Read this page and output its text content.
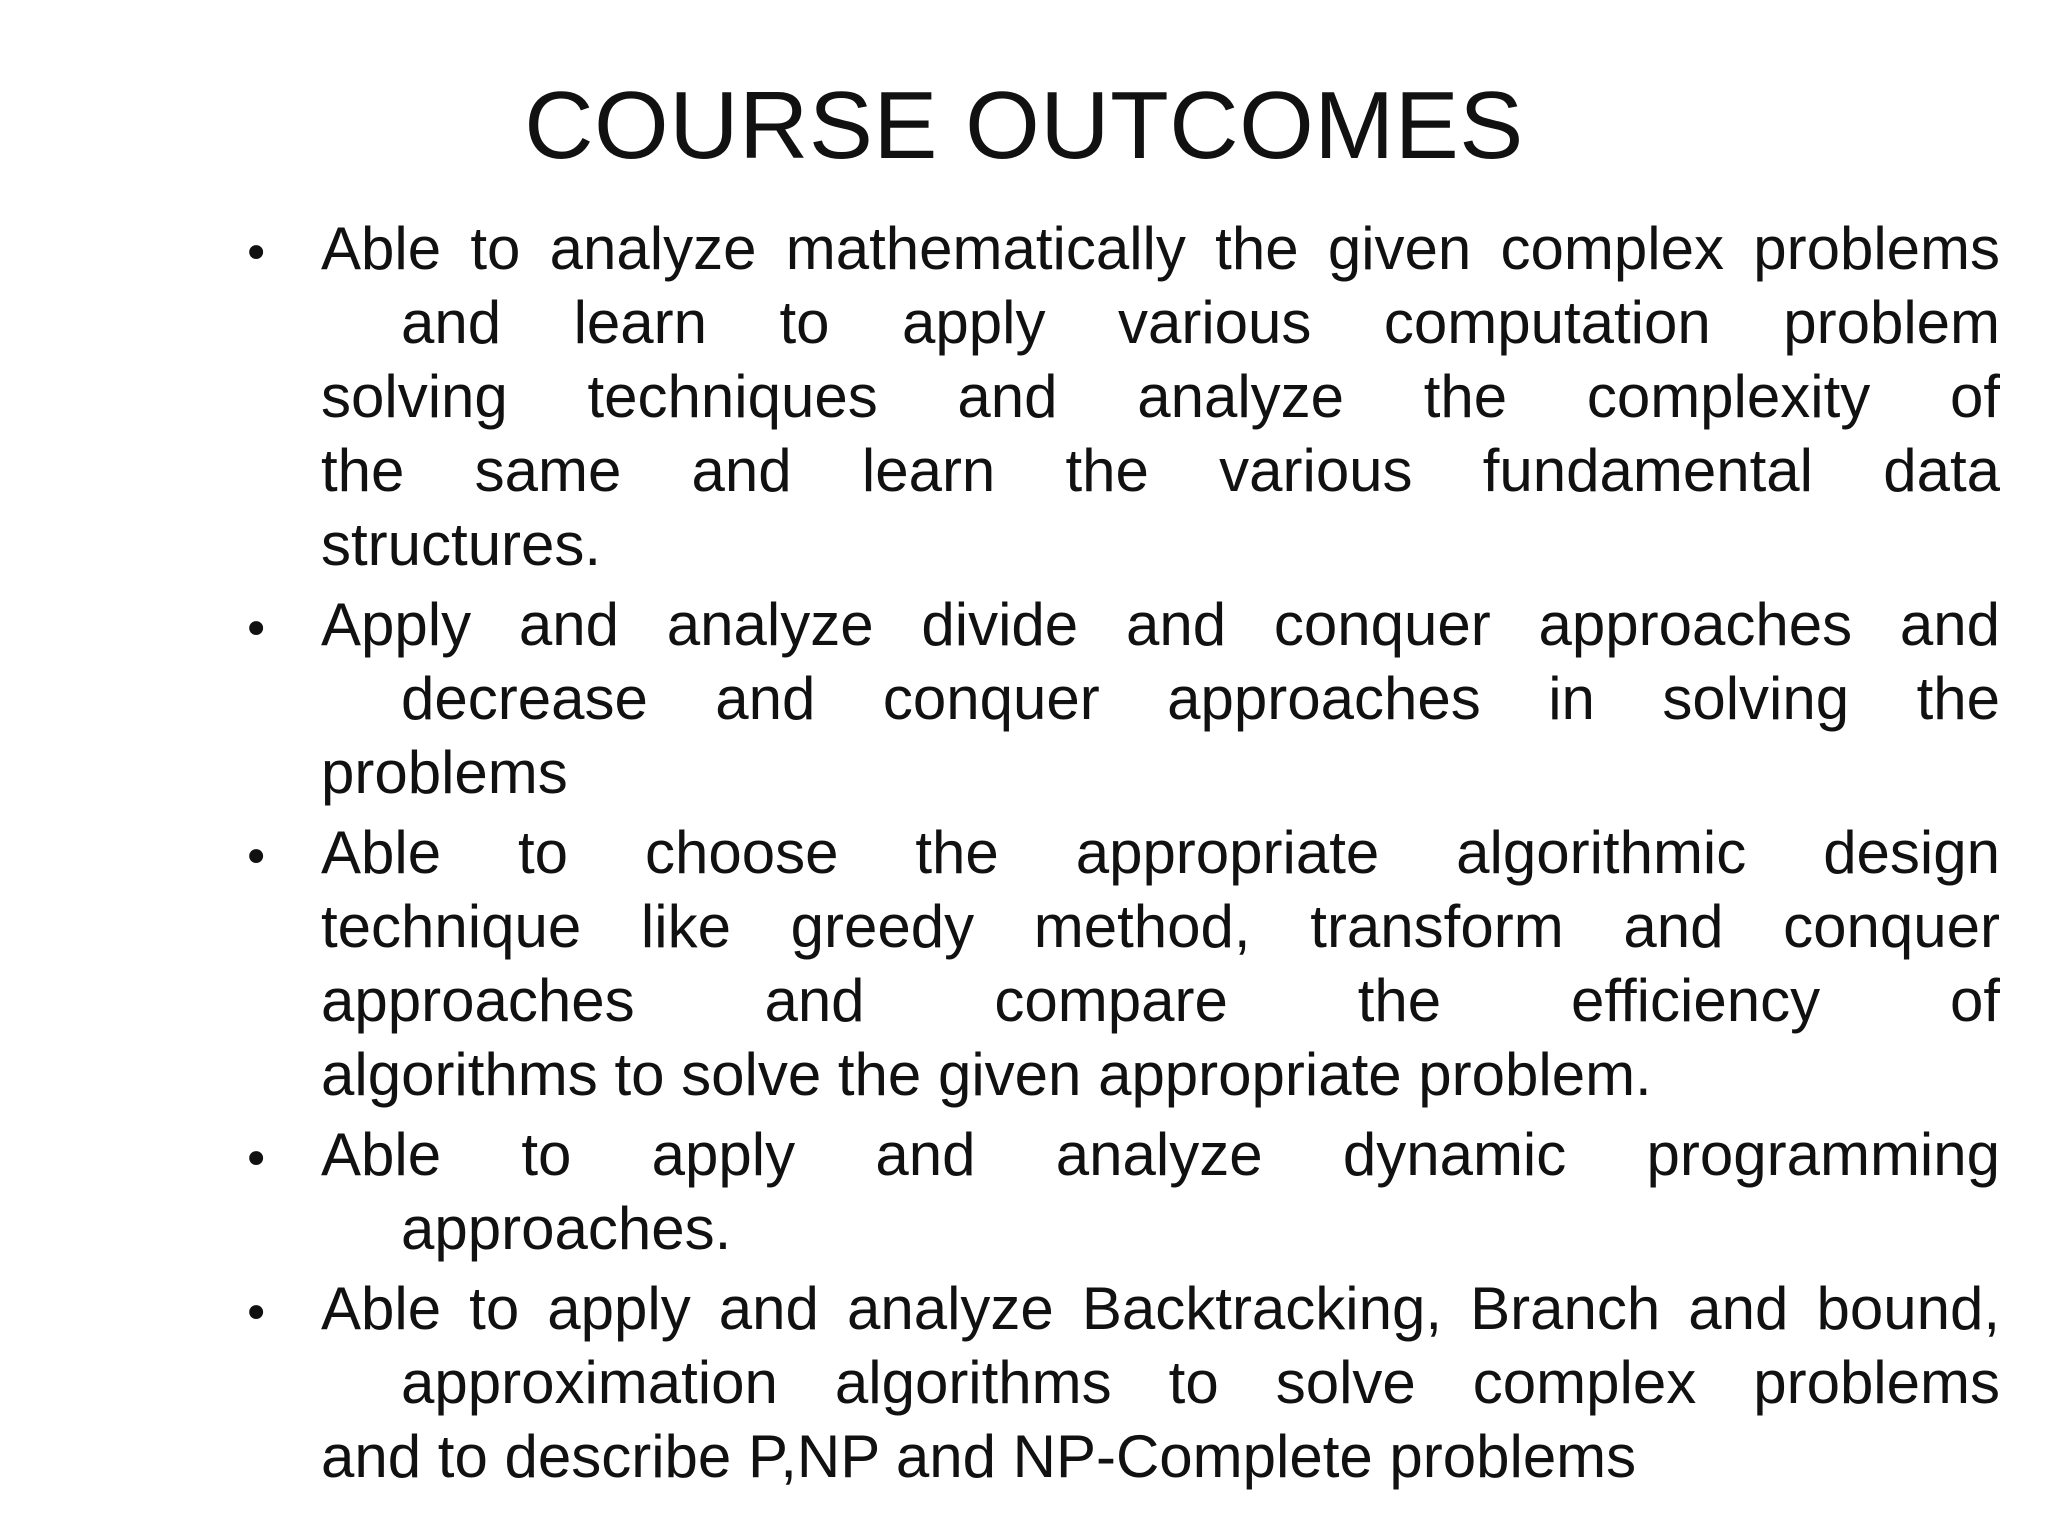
COURSE OUTCOMES
• Able to analyze mathematically the given complex problems
and learn to apply various computation problem
solving techniques and analyze the complexity of
the same and learn the various fundamental data
structures.
• Apply and analyze divide and conquer approaches and
decrease and conquer approaches in solving the
problems
• Able to choose the appropriate algorithmic design
technique like greedy method, transform and conquer
approaches and compare the efficiency of
algorithms to solve the given appropriate problem.
• Able to apply and analyze dynamic programming
approaches.
• Able to apply and analyze Backtracking, Branch and bound,
approximation algorithms to solve complex problems
and to describe P,NP and NP-Complete problems
